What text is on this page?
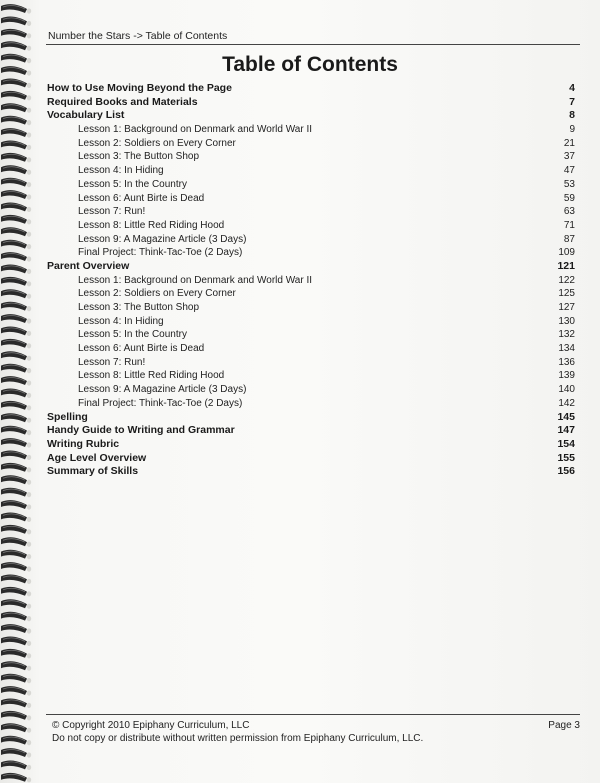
Number the Stars -> Table of Contents
Table of Contents
How to Use Moving Beyond the Page	4
Required Books and Materials	7
Vocabulary List	8
Lesson 1: Background on Denmark and World War II	9
Lesson 2: Soldiers on Every Corner	21
Lesson 3: The Button Shop	37
Lesson 4: In Hiding	47
Lesson 5: In the Country	53
Lesson 6: Aunt Birte is Dead	59
Lesson 7: Run!	63
Lesson 8: Little Red Riding Hood	71
Lesson 9: A Magazine Article (3 Days)	87
Final Project: Think-Tac-Toe (2 Days)	109
Parent Overview	121
Lesson 1: Background on Denmark and World War II	122
Lesson 2: Soldiers on Every Corner	125
Lesson 3: The Button Shop	127
Lesson 4: In Hiding	130
Lesson 5: In the Country	132
Lesson 6: Aunt Birte is Dead	134
Lesson 7: Run!	136
Lesson 8: Little Red Riding Hood	139
Lesson 9: A Magazine Article (3 Days)	140
Final Project: Think-Tac-Toe (2 Days)	142
Spelling	145
Handy Guide to Writing and Grammar	147
Writing Rubric	154
Age Level Overview	155
Summary of Skills	156
© Copyright 2010 Epiphany Curriculum, LLC
Do not copy or distribute without written permission from Epiphany Curriculum, LLC.
Page 3
